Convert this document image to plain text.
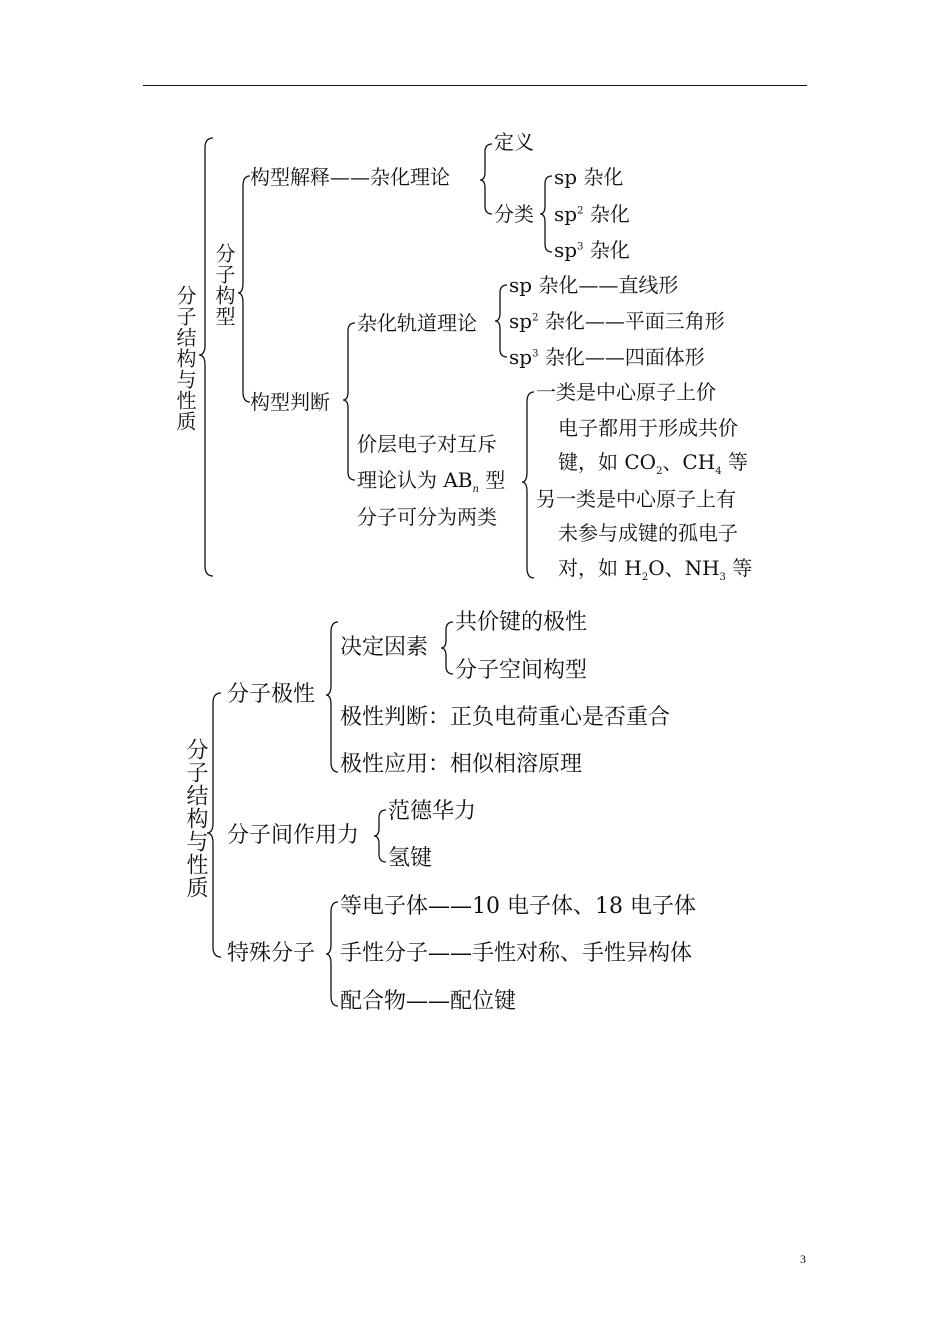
分子结构与性质 分子构型
构型解释——杂化理论
定义
分类
sp 杂化
$sp^2$ 杂化
$sp^3$ 杂化
构型判断
杂化轨道理论
sp 杂化——直线形
$sp^2$ 杂化——平面三角形
$sp^3$ 杂化——四面体形
价层电子对互斥
理论认为 $AB_n$ 型
分子可分为两类
一类是中心原子上价
电子都用于形成共价
键，如 $CO_2$、$CH_4$ 等
另一类是中心原子上有
未参与成键的孤电子
对，如 $H_2O$、$NH_3$ 等
分子结构与性质
分子极性
决定因素
共价键的极性
分子空间构型
极性判断：正负电荷重心是否重合
极性应用：相似相溶原理
分子间作用力
范德华力
氢键
特殊分子
等电子体——10 电子体、18 电子体
手性分子——手性对称、手性异构体
配合物——配位键
3
